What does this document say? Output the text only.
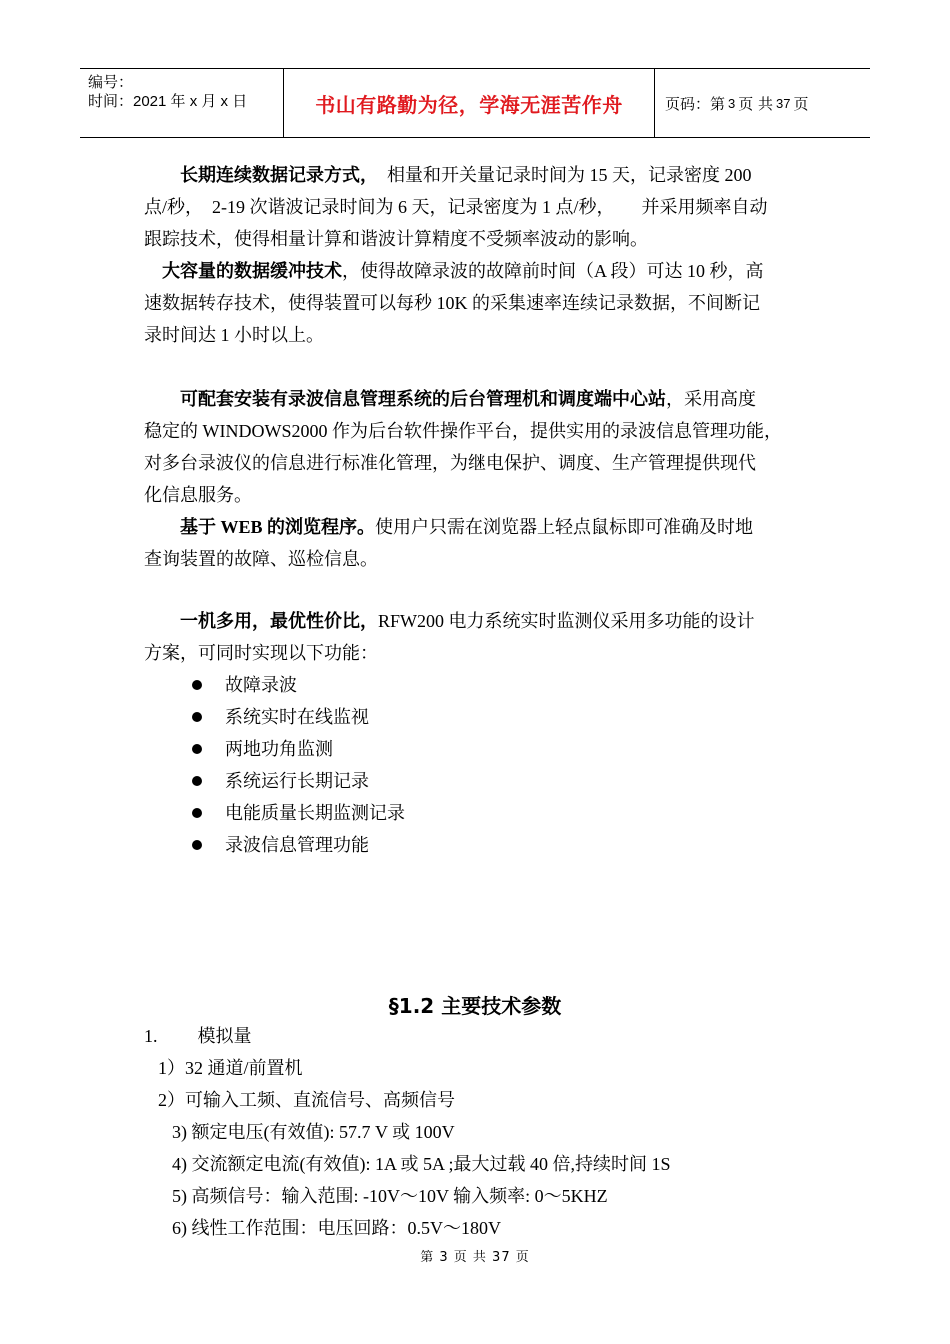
编号：
时间：2021 年 x 月 x 日	书山有路勤为径，学海无涯苦作舟	页码：第 3 页 共 37 页
长期连续数据记录方式，　相量和开关量记录时间为 15 天，记录密度 200
点/秒，　2-19 次谐波记录时间为 6 天，记录密度为 1 点/秒，　　并采用频率自动
跟踪技术，使得相量计算和谐波计算精度不受频率波动的影响。
大容量的数据缓冲技术，使得故障录波的故障前时间（A 段）可达 10 秒，高
速数据转存技术，使得装置可以每秒 10K 的采集速率连续记录数据，不间断记
录时间达 1 小时以上。
可配套安装有录波信息管理系统的后台管理机和调度端中心站，采用高度
稳定的 WINDOWS2000 作为后台软件操作平台，提供实用的录波信息管理功能，
对多台录波仪的信息进行标准化管理，为继电保护、调度、生产管理提供现代
化信息服务。
基于 WEB 的浏览程序。使用户只需在浏览器上轻点鼠标即可准确及时地
查询装置的故障、巡检信息。
一机多用，最优性价比，RFW200 电力系统实时监测仪采用多功能的设计
方案，可同时实现以下功能：
故障录波
系统实时在线监视
两地功角监测
系统运行长期记录
电能质量长期监测记录
录波信息管理功能
§1.2 主要技术参数
1. 模拟量
1）32 通道/前置机
2）可输入工频、直流信号、高频信号
3) 额定电压(有效值): 57.7 V 或 100V
4) 交流额定电流(有效值): 1A 或 5A ;最大过载 40 倍,持续时间 1S
5) 高频信号：输入范围: -10V～10V 输入频率: 0～5KHZ
6) 线性工作范围：电压回路：0.5V～180V
第 3 页 共 37 页
